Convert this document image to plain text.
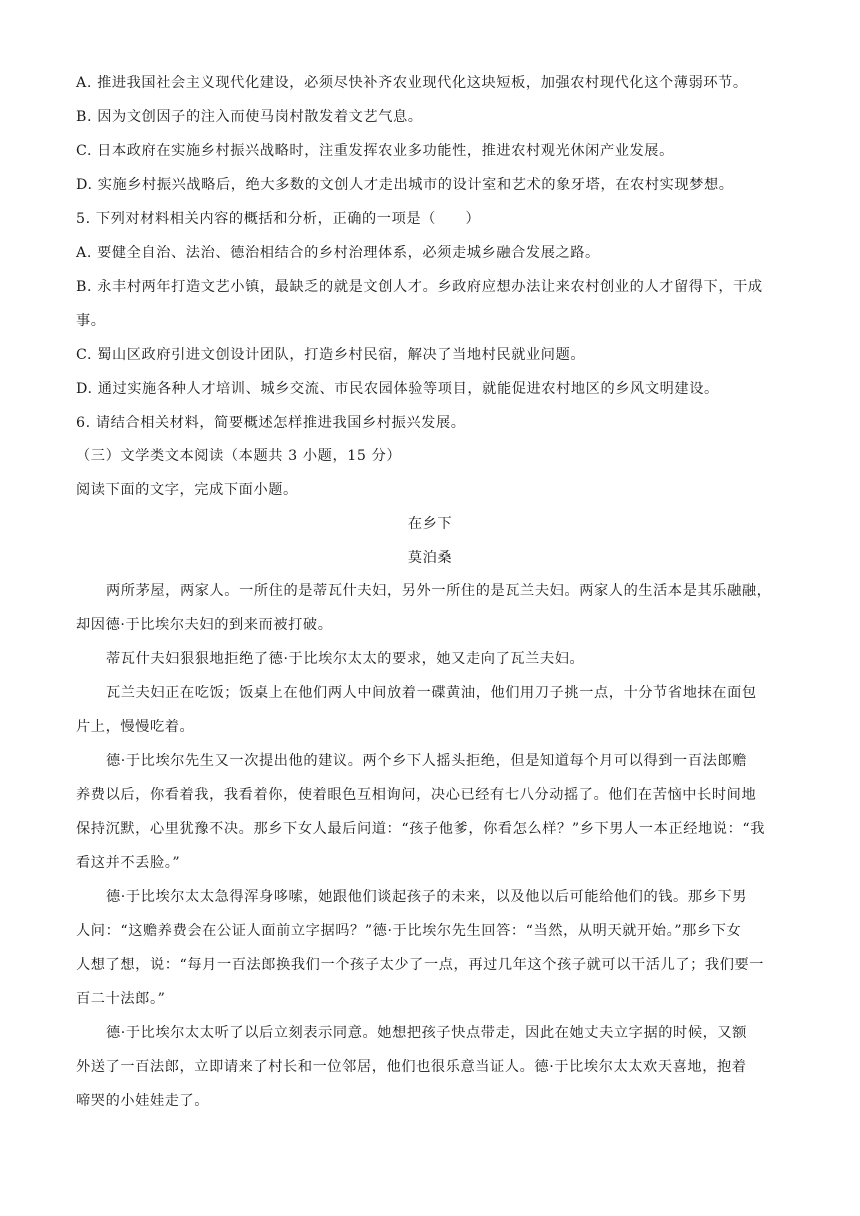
A. 推进我国社会主义现代化建设，必须尽快补齐农业现代化这块短板，加强农村现代化这个薄弱环节。
B. 因为文创因子的注入而使马岗村散发着文艺气息。
C. 日本政府在实施乡村振兴战略时，注重发挥农业多功能性，推进农村观光休闲产业发展。
D. 实施乡村振兴战略后，绝大多数的文创人才走出城市的设计室和艺术的象牙塔，在农村实现梦想。
5. 下列对材料相关内容的概括和分析，正确的一项是（　　）
A. 要健全自治、法治、德治相结合的乡村治理体系，必须走城乡融合发展之路。
B. 永丰村两年打造文艺小镇，最缺乏的就是文创人才。乡政府应想办法让来农村创业的人才留得下，干成
事。
C. 蜀山区政府引进文创设计团队，打造乡村民宿，解决了当地村民就业问题。
D. 通过实施各种人才培训、城乡交流、市民农园体验等项目，就能促进农村地区的乡风文明建设。
6. 请结合相关材料，简要概述怎样推进我国乡村振兴发展。
（三）文学类文本阅读（本题共 3 小题，15 分）
阅读下面的文字，完成下面小题。
在乡下
莫泊桑
两所茅屋，两家人。一所住的是蒂瓦什夫妇，另外一所住的是瓦兰夫妇。两家人的生活本是其乐融融，
却因德·于比埃尔夫妇的到来而被打破。
蒂瓦什夫妇狠狠地拒绝了德·于比埃尔太太的要求，她又走向了瓦兰夫妇。
瓦兰夫妇正在吃饭；饭桌上在他们两人中间放着一碟黄油，他们用刀子挑一点，十分节省地抹在面包
片上，慢慢吃着。
德·于比埃尔先生又一次提出他的建议。两个乡下人摇头拒绝，但是知道每个月可以得到一百法郎赡
养费以后，你看着我，我看着你，使着眼色互相询问，决心已经有七八分动摇了。他们在苦恼中长时间地
保持沉默，心里犹豫不决。那乡下女人最后问道：“孩子他爹，你看怎么样？”乡下男人一本正经地说：“我
看这并不丢脸。”
德·于比埃尔太太急得浑身哆嗦，她跟他们谈起孩子的未来，以及他以后可能给他们的钱。那乡下男
人问：“这赡养费会在公证人面前立字据吗？”德·于比埃尔先生回答：“当然，从明天就开始。”那乡下女
人想了想，说：“每月一百法郎换我们一个孩子太少了一点，再过几年这个孩子就可以干活儿了；我们要一
百二十法郎。”
德·于比埃尔太太听了以后立刻表示同意。她想把孩子快点带走，因此在她丈夫立字据的时候，又额
外送了一百法郎，立即请来了村长和一位邻居，他们也很乐意当证人。德·于比埃尔太太欢天喜地，抱着
啼哭的小娃娃走了。
